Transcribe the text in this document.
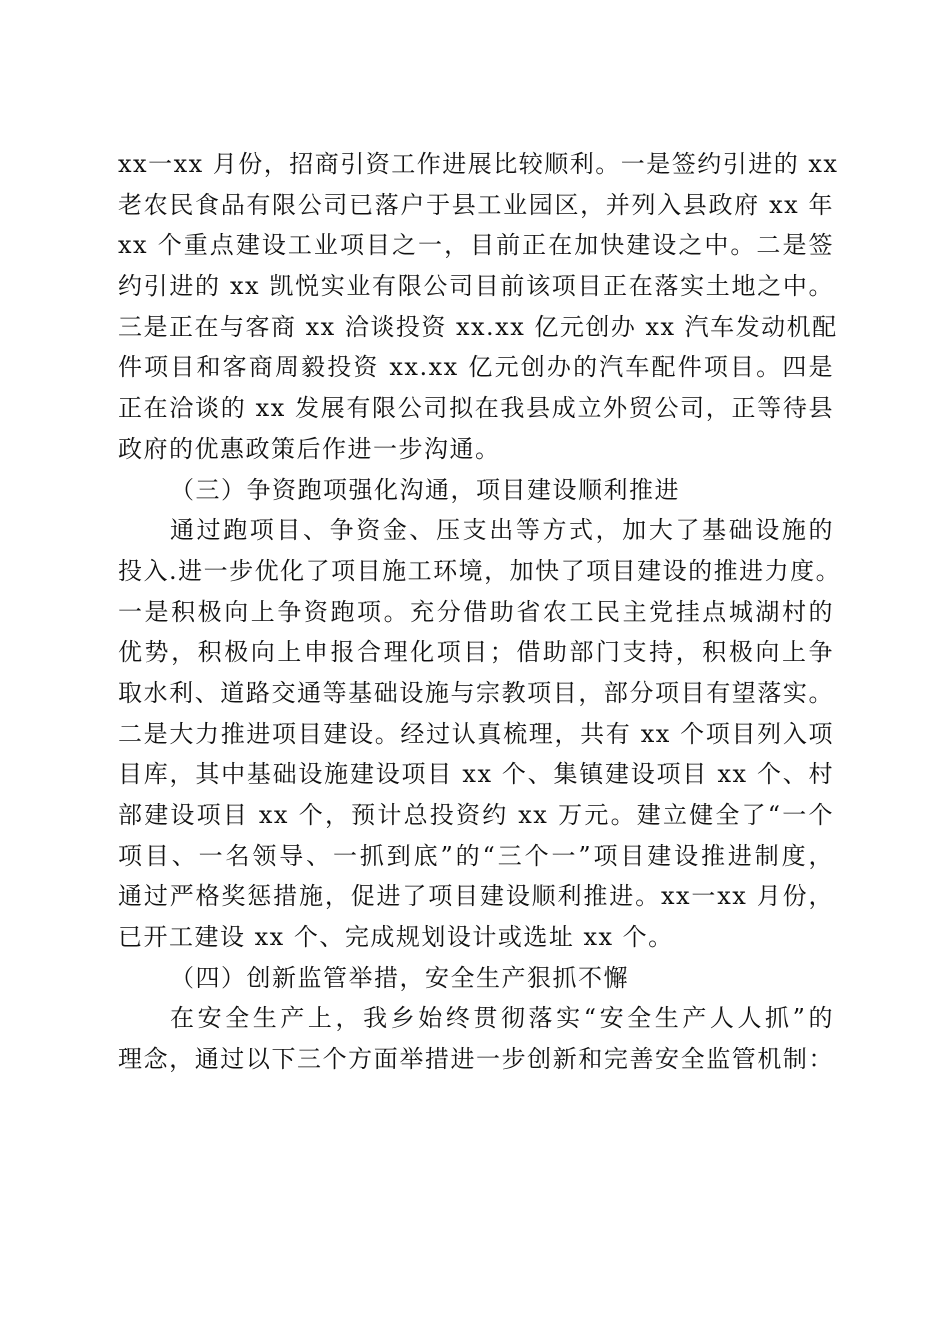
xx一xx 月份，招商引资工作进展比较顺利。一是签约引进的 xx
老农民食品有限公司已落户于县工业园区，并列入县政府 xx 年
xx 个重点建设工业项目之一，目前正在加快建设之中。二是签
约引进的 xx 凯悦实业有限公司目前该项目正在落实土地之中。
三是正在与客商 xx 洽谈投资 xx.xx 亿元创办 xx 汽车发动机配
件项目和客商周毅投资 xx.xx 亿元创办的汽车配件项目。四是
正在洽谈的 xx 发展有限公司拟在我县成立外贸公司，正等待县
政府的优惠政策后作进一步沟通。
（三）争资跑项强化沟通，项目建设顺利推进
通过跑项目、争资金、压支出等方式，加大了基础设施的
投入.进一步优化了项目施工环境，加快了项目建设的推进力度。
一是积极向上争资跑项。充分借助省农工民主党挂点城湖村的
优势，积极向上申报合理化项目；借助部门支持，积极向上争
取水利、道路交通等基础设施与宗教项目，部分项目有望落实。
二是大力推进项目建设。经过认真梳理，共有 xx 个项目列入项
目库，其中基础设施建设项目 xx 个、集镇建设项目 xx 个、村
部建设项目 xx 个，预计总投资约 xx 万元。建立健全了“一个
项目、一名领导、一抓到底”的“三个一”项目建设推进制度，
通过严格奖惩措施，促进了项目建设顺利推进。xx一xx 月份，
已开工建设 xx 个、完成规划设计或选址 xx 个。
（四）创新监管举措，安全生产狠抓不懈
在安全生产上，我乡始终贯彻落实“安全生产人人抓”的
理念，通过以下三个方面举措进一步创新和完善安全监管机制：
